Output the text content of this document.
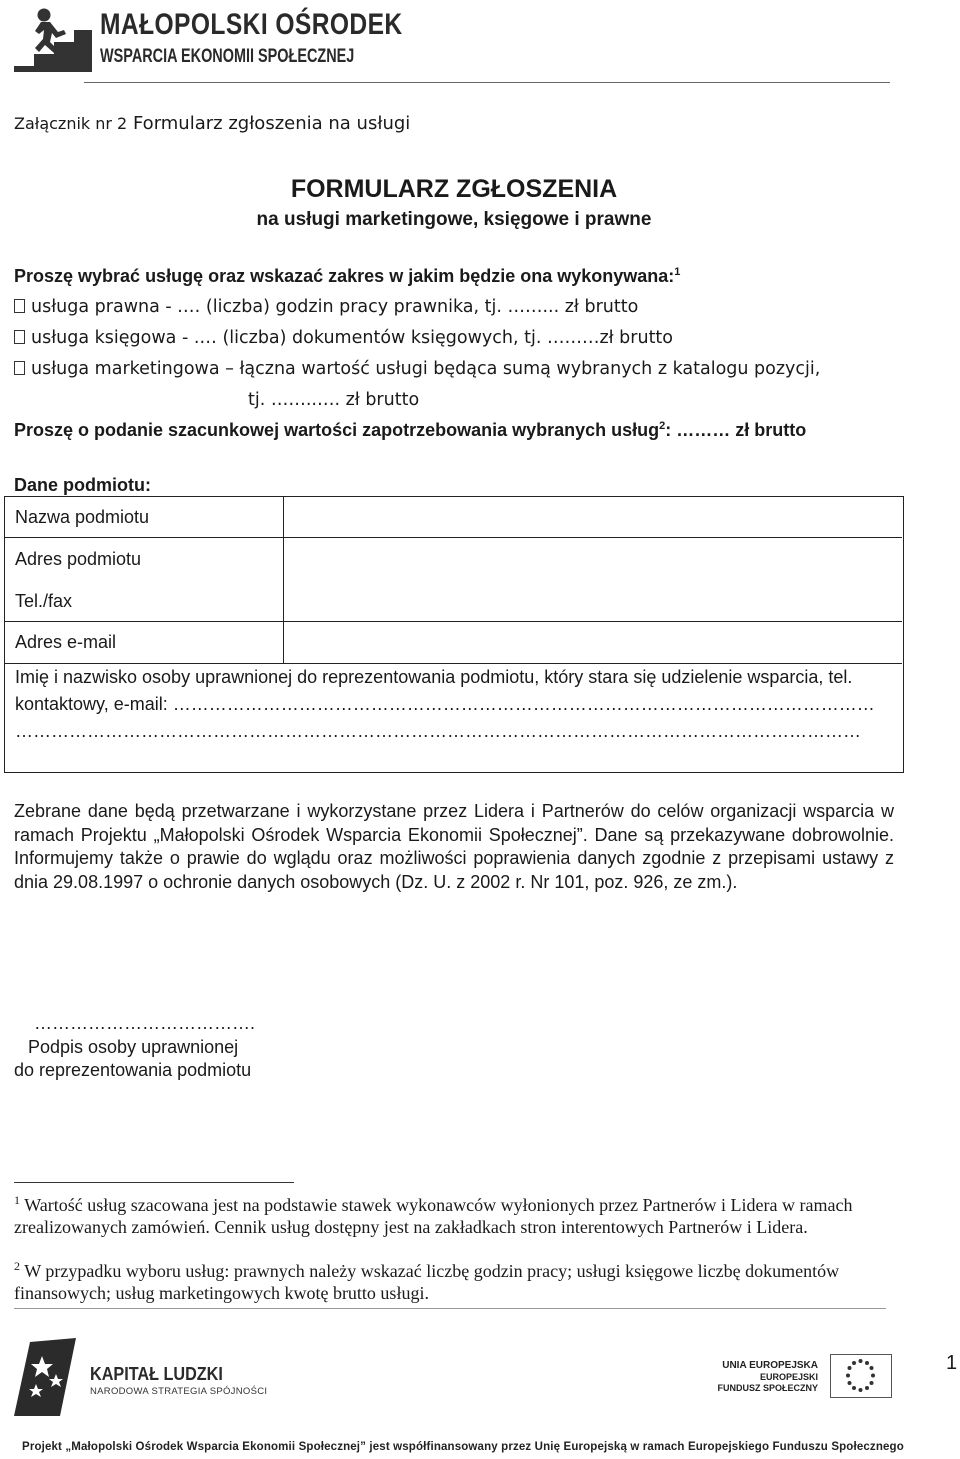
MAŁOPOLSKI OŚRODEK
WSPARCIA EKONOMII SPOŁECZNEJ
Załącznik nr 2 Formularz zgłoszenia na usługi
FORMULARZ ZGŁOSZENIA
na usługi marketingowe, księgowe i prawne
Proszę wybrać usługę oraz wskazać zakres w jakim będzie ona wykonywana:$^1$
usługa prawna - .… (liczba) godzin pracy prawnika, tj. ……... zł brutto
usługa księgowa - .… (liczba) dokumentów księgowych, tj. ………zł brutto
usługa marketingowa – łączna wartość usługi będąca sumą wybranych z katalogu pozycji,
tj. ……..…. zł brutto
Proszę o podanie szacunkowej wartości zapotrzebowania wybranych usług$^2$: ……… zł brutto
Dane podmiotu:
Nazwa podmiotu
Adres podmiotu
Tel./fax
Adres e-mail
Imię i nazwisko osoby uprawnionej do reprezentowania podmiotu, który stara się udzielenie wsparcia, tel.
kontaktowy, e-mail: ………………………………………………………………………………………………………
……………………………………………………………………………………………………………………………
Zebrane dane będą przetwarzane i wykorzystane przez Lidera i Partnerów do celów organizacji wsparcia w ramach Projektu „Małopolski Ośrodek Wsparcia Ekonomii Społecznej”. Dane są przekazywane dobrowolnie. Informujemy także o prawie do wglądu oraz możliwości poprawienia danych zgodnie z przepisami ustawy z dnia 29.08.1997 o ochronie danych osobowych (Dz. U. z 2002 r. Nr 101, poz. 926, ze zm.).
……………………………….
Podpis osoby uprawnionej
do reprezentowania podmiotu
$^1$ Wartość usług szacowana jest na podstawie stawek wykonawców wyłonionych przez Partnerów i Lidera w ramach zrealizowanych zamówień. Cennik usług dostępny jest na zakładkach stron interentowych Partnerów i Lidera.
$^2$ W przypadku wyboru usług: prawnych należy wskazać liczbę godzin pracy; usługi księgowe liczbę dokumentów finansowych; usług marketingowych kwotę brutto usługi.
KAPITAŁ LUDZKI
NARODOWA STRATEGIA SPÓJNOŚCI
UNIA EUROPEJSKA
EUROPEJSKI
FUNDUSZ SPOŁECZNY
1
Projekt „Małopolski Ośrodek Wsparcia Ekonomii Społecznej” jest współfinansowany przez Unię Europejską w ramach Europejskiego Funduszu Społecznego
